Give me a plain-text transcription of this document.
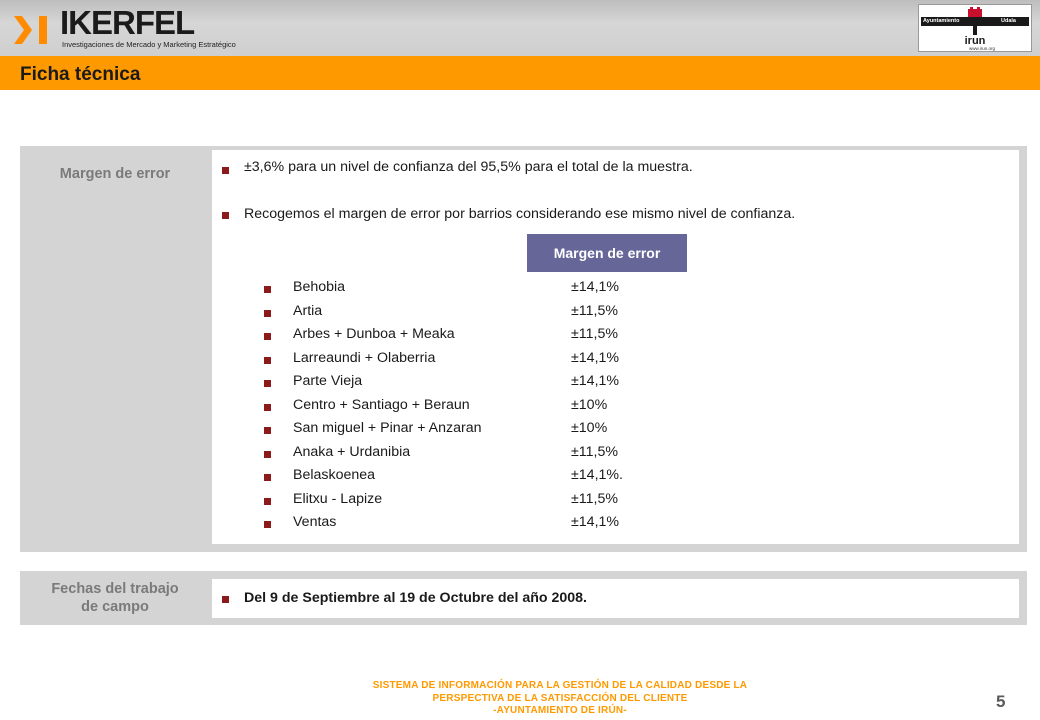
IKERFEL
Investigaciones de Mercado y Marketing Estratégico
Ayuntamiento	Udala
irun
www.irun.org
Ficha técnica
Margen de error	±3,6% para un nivel de confianza del 95,5% para el total de la muestra.
Recogemos el margen de error por barrios considerando ese mismo nivel de confianza.
Margen de error
Behobia	±14,1%
Artia	±11,5%
Arbes + Dunboa + Meaka	±11,5%
Larreaundi + Olaberria	±14,1%
Parte Vieja	±14,1%
Centro + Santiago + Beraun	±10%
San miguel + Pinar + Anzaran	±10%
Anaka + Urdanibia	±11,5%
Belaskoenea	±14,1%.
Elitxu - Lapize	±11,5%
Ventas	±14,1%
Fechas del trabajo
de campo
Del 9 de Septiembre al 19 de Octubre del año 2008.
SISTEMA DE INFORMACIÓN PARA LA GESTIÓN DE LA CALIDAD DESDE LA
PERSPECTIVA DE LA SATISFACCIÓN DEL CLIENTE
-AYUNTAMIENTO DE IRÚN-	5
